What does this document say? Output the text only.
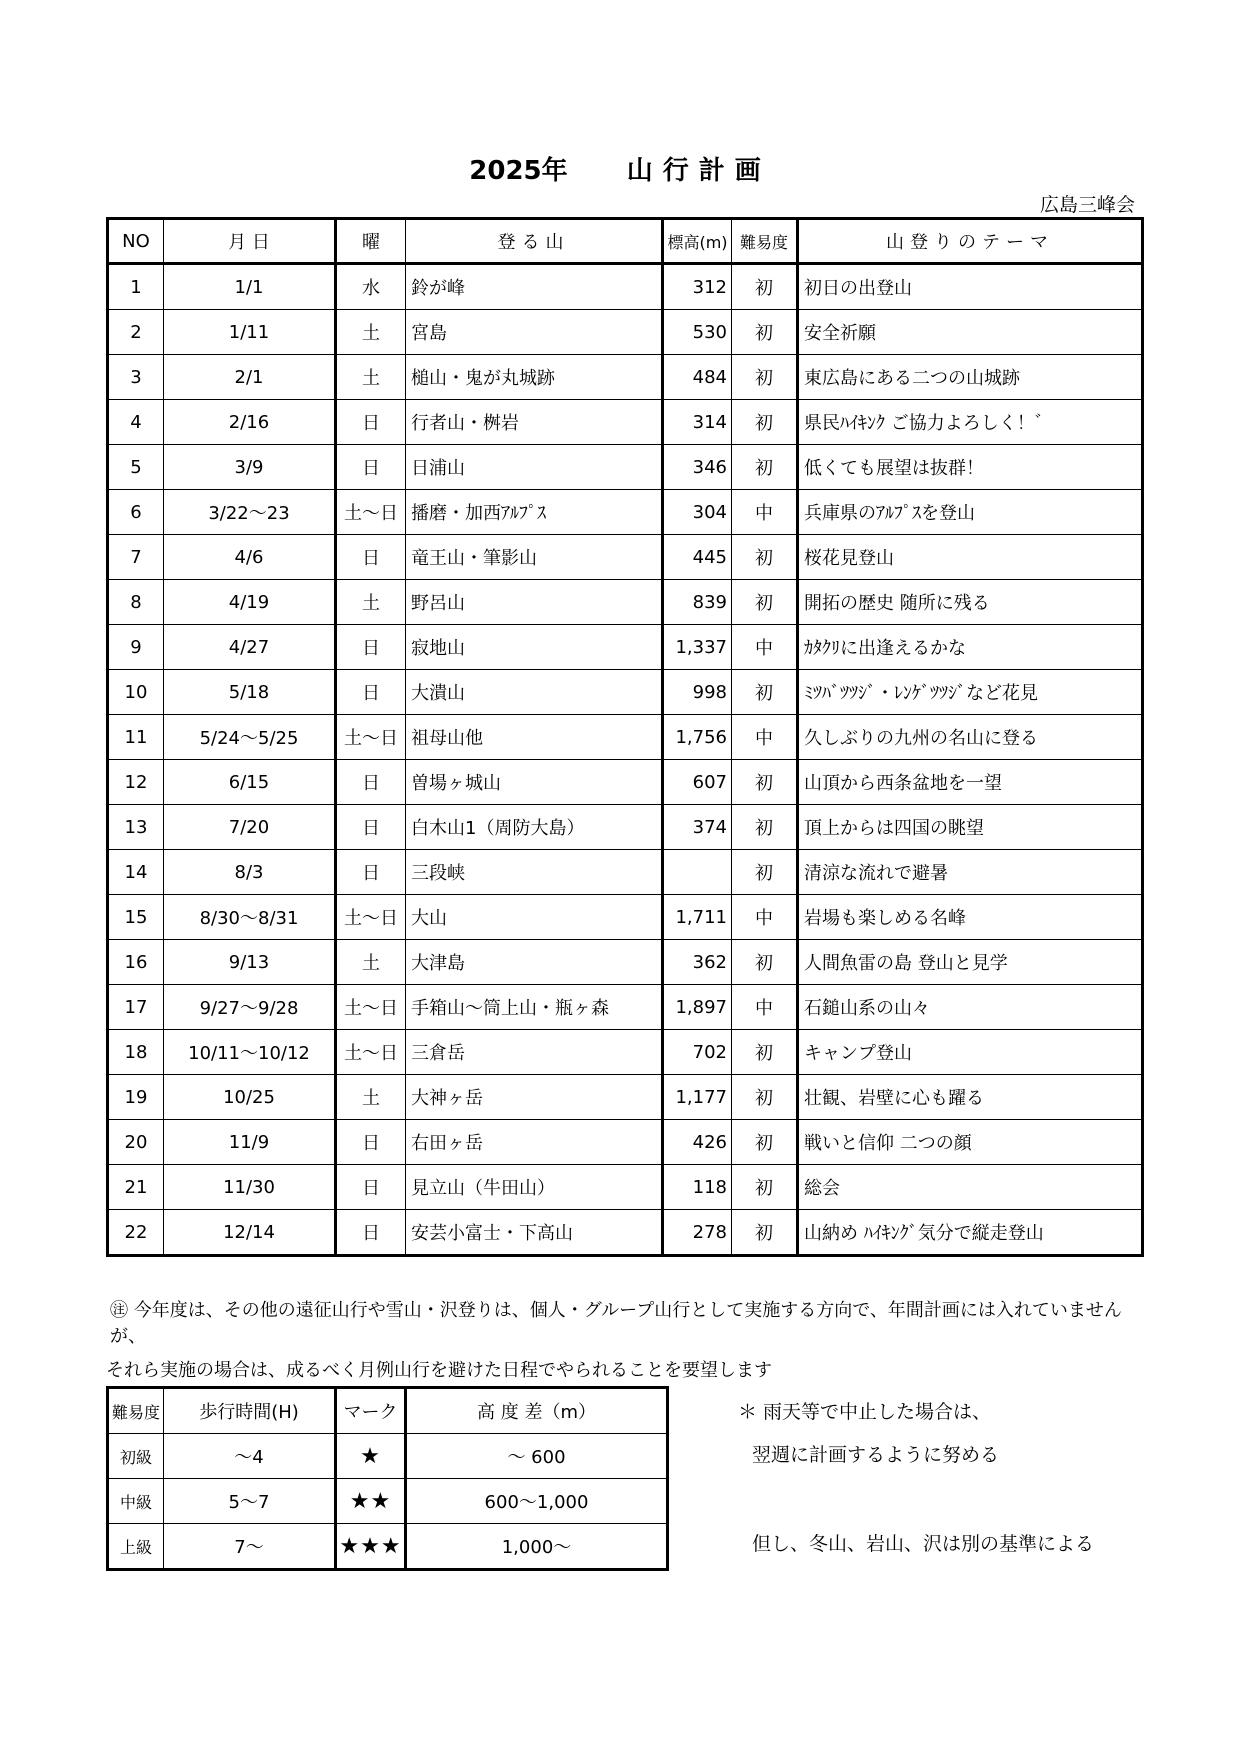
2025年 山行計画
広島三峰会
NO	月 日	曜	登る山	標高(m)	難易度	山登りのテーマ
1	1/1	水	鈴が峰	312	初	初日の出登山
2	1/11	土	宮島	530	初	安全祈願
3	2/1	土	槌山・鬼が丸城跡	484	初	東広島にある二つの山城跡
4	2/16	日	行者山・桝岩	314	初	県民ﾊｲｷﾝｸ ご協力よろしく！゛
5	3/9	日	日浦山	346	初	低くても展望は抜群！
6	3/22～23	土～日	播磨・加西ｱﾙﾌﾟｽ	304	中	兵庫県のｱﾙﾌﾟｽを登山
7	4/6	日	竜王山・筆影山	445	初	桜花見登山
8	4/19	土	野呂山	839	初	開拓の歴史 随所に残る
9	4/27	日	寂地山	1,337	中	ｶﾀｸﾘに出逢えるかな
10	5/18	日	大潰山	998	初	ﾐﾂﾊﾞﾂﾂｼﾞ・ﾚﾝｹﾞﾂﾂｼﾞなど花見
11	5/24～5/25	土～日	祖母山他	1,756	中	久しぶりの九州の名山に登る
12	6/15	日	曽場ヶ城山	607	初	山頂から西条盆地を一望
13	7/20	日	白木山1（周防大島）	374	初	頂上からは四国の眺望
14	8/3	日	三段峡		初	清涼な流れで避暑
15	8/30～8/31	土～日	大山	1,711	中	岩場も楽しめる名峰
16	9/13	土	大津島	362	初	人間魚雷の島 登山と見学
17	9/27～9/28	土～日	手箱山～筒上山・瓶ヶ森	1,897	中	石鎚山系の山々
18	10/11～10/12	土～日	三倉岳	702	初	キャンプ登山
19	10/25	土	大神ヶ岳	1,177	初	壮観、岩壁に心も躍る
20	11/9	日	右田ヶ岳	426	初	戦いと信仰 二つの顔
21	11/30	日	見立山（牛田山）	118	初	総会
22	12/14	日	安芸小富士・下高山	278	初	山納め ﾊｲｷﾝｸﾞ気分で縦走登山
㊟ 今年度は、その他の遠征山行や雪山・沢登りは、個人・グループ山行として実施する方向で、年間計画には入れていませんが、
それら実施の場合は、成るべく月例山行を避けた日程でやられることを要望します
難易度	歩行時間(H)	マーク	高 度 差（m）
初級	～4	★	～ 600
中級	5～7	★★	600～1,000
上級	7～	★★★	1,000～
＊ 雨天等で中止した場合は、
翌週に計画するように努める
但し、冬山、岩山、沢は別の基準による
